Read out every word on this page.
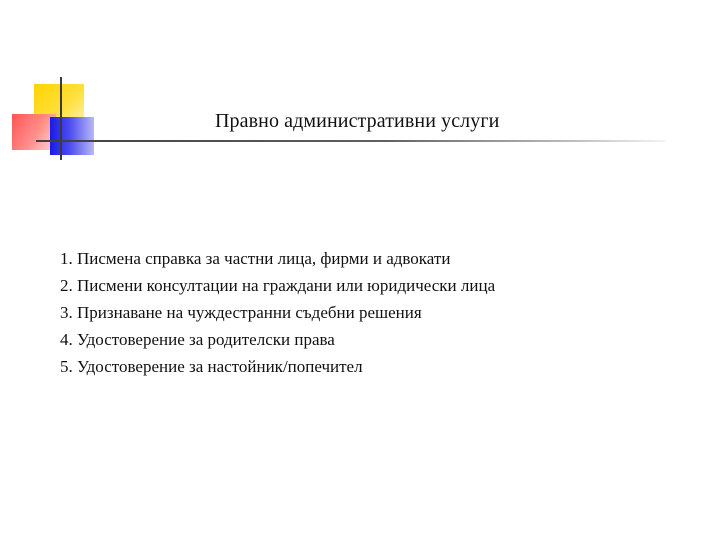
Правно административни услуги
1. Писмена справка за частни лица, фирми и адвокати
2. Писмени консултации на граждани или юридически лица
3. Признаване на чуждестранни съдебни решения
4. Удостоверение за родителски права
5. Удостоверение за настойник/попечител
